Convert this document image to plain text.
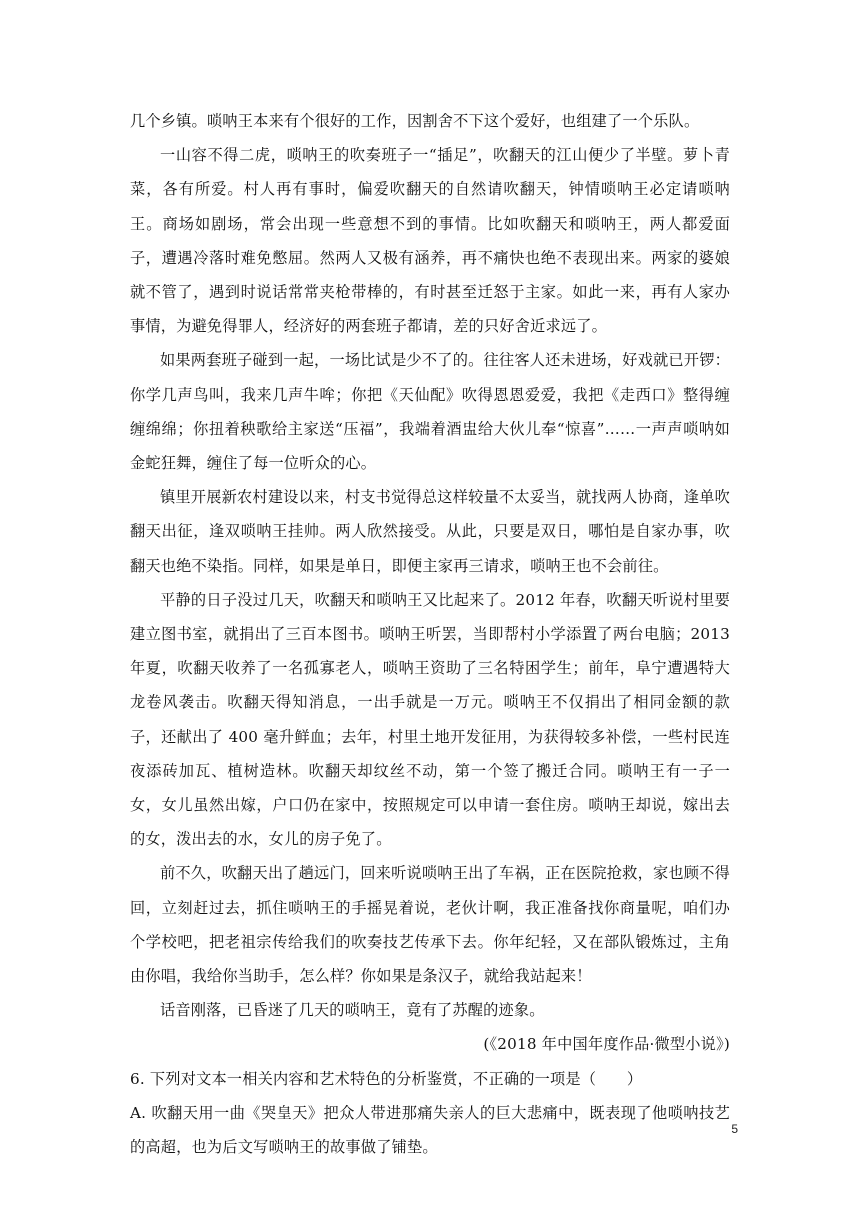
几个乡镇。唢呐王本来有个很好的工作，因割舍不下这个爱好，也组建了一个乐队。

一山容不得二虎，唢呐王的吹奏班子一“插足”，吹翻天的江山便少了半壁。萝卜青菜，各有所爱。村人再有事时，偏爱吹翻天的自然请吹翻天，钟情唢呐王必定请唢呐王。商场如剧场，常会出现一些意想不到的事情。比如吹翻天和唢呐王，两人都爱面子，遭遇冷落时难免憋屈。然两人又极有涵养，再不痛快也绝不表现出来。两家的婆娘就不管了，遇到时说话常常夹枪带棒的，有时甚至迁怒于主家。如此一来，再有人家办事情，为避免得罪人，经济好的两套班子都请，差的只好舍近求远了。

如果两套班子碰到一起，一场比试是少不了的。往往客人还未进场，好戏就已开锣：你学几声鸟叫，我来几声牛哞；你把《天仙配》吹得恩恩爱爱，我把《走西口》整得缠缠绵绵；你扭着秧歌给主家送“压福”，我端着酒盅给大伙儿奉“惊喜”……一声声唢呐如金蛇狂舞，缠住了每一位听众的心。

镇里开展新农村建设以来，村支书觉得总这样较量不太妥当，就找两人协商，逢单吹翻天出征，逢双唢呐王挂帅。两人欣然接受。从此，只要是双日，哪怕是自家办事，吹翻天也绝不染指。同样，如果是单日，即便主家再三请求，唢呐王也不会前往。

平静的日子没过几天，吹翻天和唢呐王又比起来了。2012 年春，吹翻天听说村里要建立图书室，就捐出了三百本图书。唢呐王听罢，当即帮村小学添置了两台电脑；2013 年夏，吹翻天收养了一名孤寡老人，唢呐王资助了三名特困学生；前年，阜宁遭遇特大龙卷风袭击。吹翻天得知消息，一出手就是一万元。唢呐王不仅捐出了相同金额的款子，还献出了 400 毫升鲜血；去年，村里土地开发征用，为获得较多补偿，一些村民连夜添砖加瓦、植树造林。吹翻天却纹丝不动，第一个签了搬迁合同。唢呐王有一子一女，女儿虽然出嫁，户口仍在家中，按照规定可以申请一套住房。唢呐王却说，嫁出去的女，泼出去的水，女儿的房子免了。

前不久，吹翻天出了趟远门，回来听说唢呐王出了车祸，正在医院抢救，家也顾不得回，立刻赶过去，抓住唢呐王的手摇晃着说，老伙计啊，我正准备找你商量呢，咱们办个学校吧，把老祖宗传给我们的吹奏技艺传承下去。你年纪轻，又在部队锻炼过，主角由你唱，我给你当助手，怎么样？你如果是条汉子，就给我站起来！

话音刚落，已昏迷了几天的唢呐王，竟有了苏醒的迹象。

(《2018 年中国年度作品·微型小说》)

6. 下列对文本一相关内容和艺术特色的分析鉴赏，不正确的一项是（　　）

A. 吹翻天用一曲《哭皇天》把众人带进那痛失亲人的巨大悲痛中，既表现了他唢呐技艺的高超，也为后文写唢呐王的故事做了铺垫。

5
